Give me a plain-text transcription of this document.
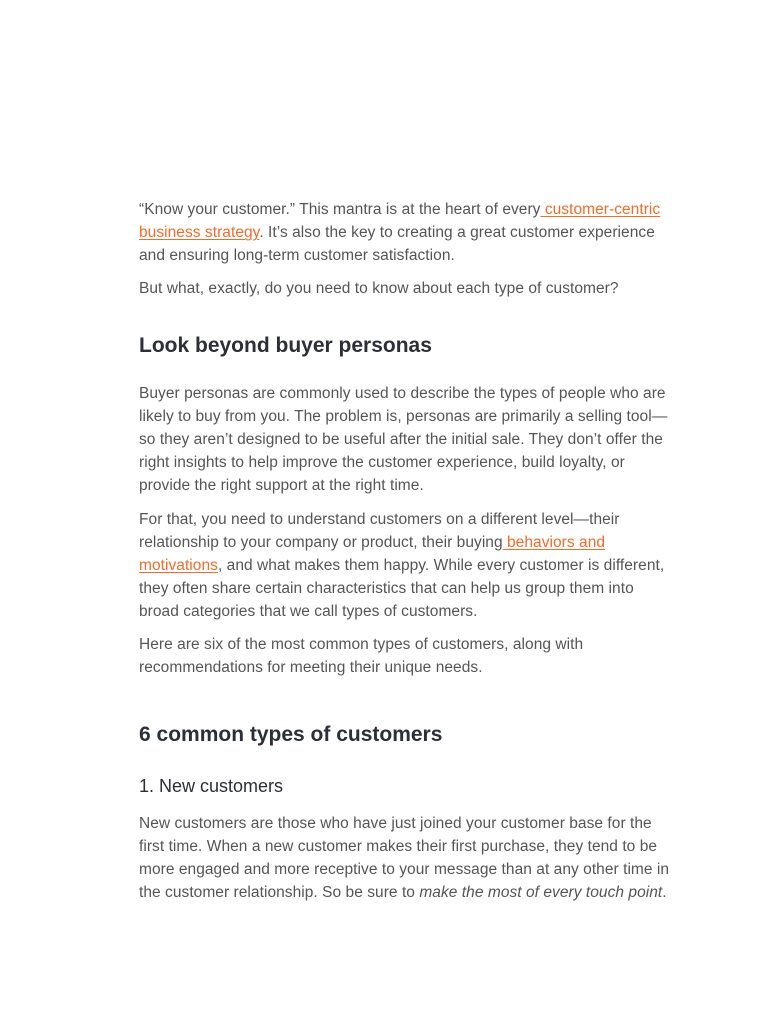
“Know your customer.” This mantra is at the heart of every customer-centric business strategy. It’s also the key to creating a great customer experience and ensuring long-term customer satisfaction.

But what, exactly, do you need to know about each type of customer?

Look beyond buyer personas

Buyer personas are commonly used to describe the types of people who are likely to buy from you. The problem is, personas are primarily a selling tool—so they aren’t designed to be useful after the initial sale. They don’t offer the right insights to help improve the customer experience, build loyalty, or provide the right support at the right time.

For that, you need to understand customers on a different level—their relationship to your company or product, their buying behaviors and motivations, and what makes them happy. While every customer is different, they often share certain characteristics that can help us group them into broad categories that we call types of customers.

Here are six of the most common types of customers, along with recommendations for meeting their unique needs.

6 common types of customers
1. New customers

New customers are those who have just joined your customer base for the first time. When a new customer makes their first purchase, they tend to be more engaged and more receptive to your message than at any other time in the customer relationship. So be sure to make the most of every touch point.
